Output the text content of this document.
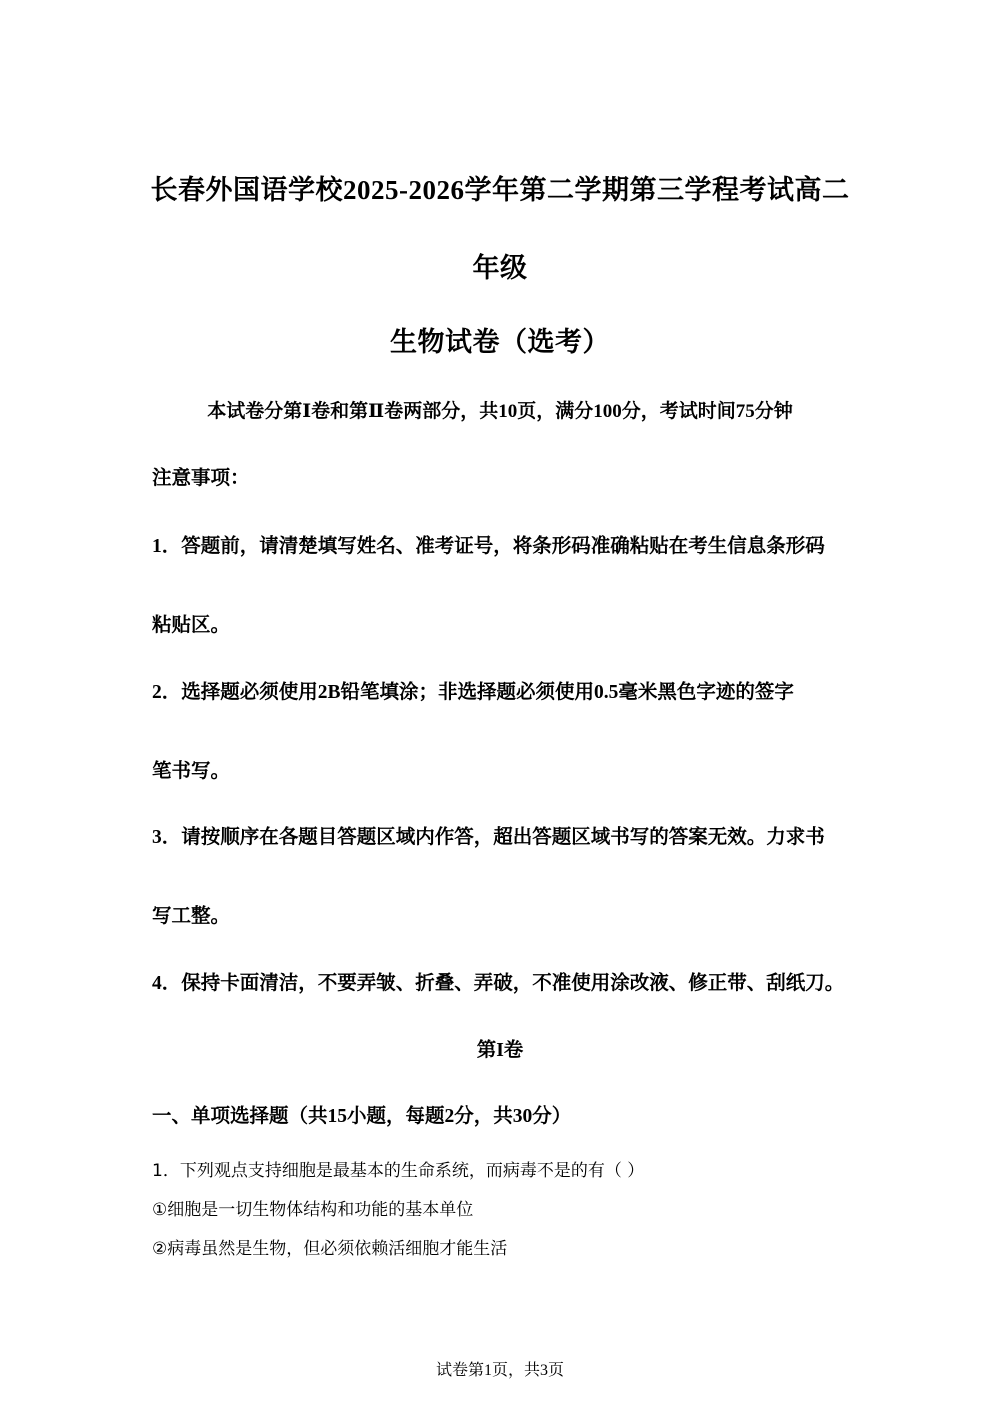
长春外国语学校2025-2026学年第二学期第三学程考试高二
年级
生物试卷（选考）
本试卷分第Ⅰ卷和第Ⅱ卷两部分，共10页，满分100分，考试时间75分钟
注意事项：
1．答题前，请清楚填写姓名、准考证号，将条形码准确粘贴在考生信息条形码
粘贴区。
2．选择题必须使用2B铅笔填涂；非选择题必须使用0.5毫米黑色字迹的签字
笔书写。
3．请按顺序在各题目答题区域内作答，超出答题区域书写的答案无效。力求书
写工整。
4．保持卡面清洁，不要弄皱、折叠、弄破，不准使用涂改液、修正带、刮纸刀。
第I卷
一、单项选择题（共15小题，每题2分，共30分）
1．下列观点支持细胞是最基本的生命系统，而病毒不是的有（ ）
①细胞是一切生物体结构和功能的基本单位
②病毒虽然是生物，但必须依赖活细胞才能生活
试卷第1页，共3页
